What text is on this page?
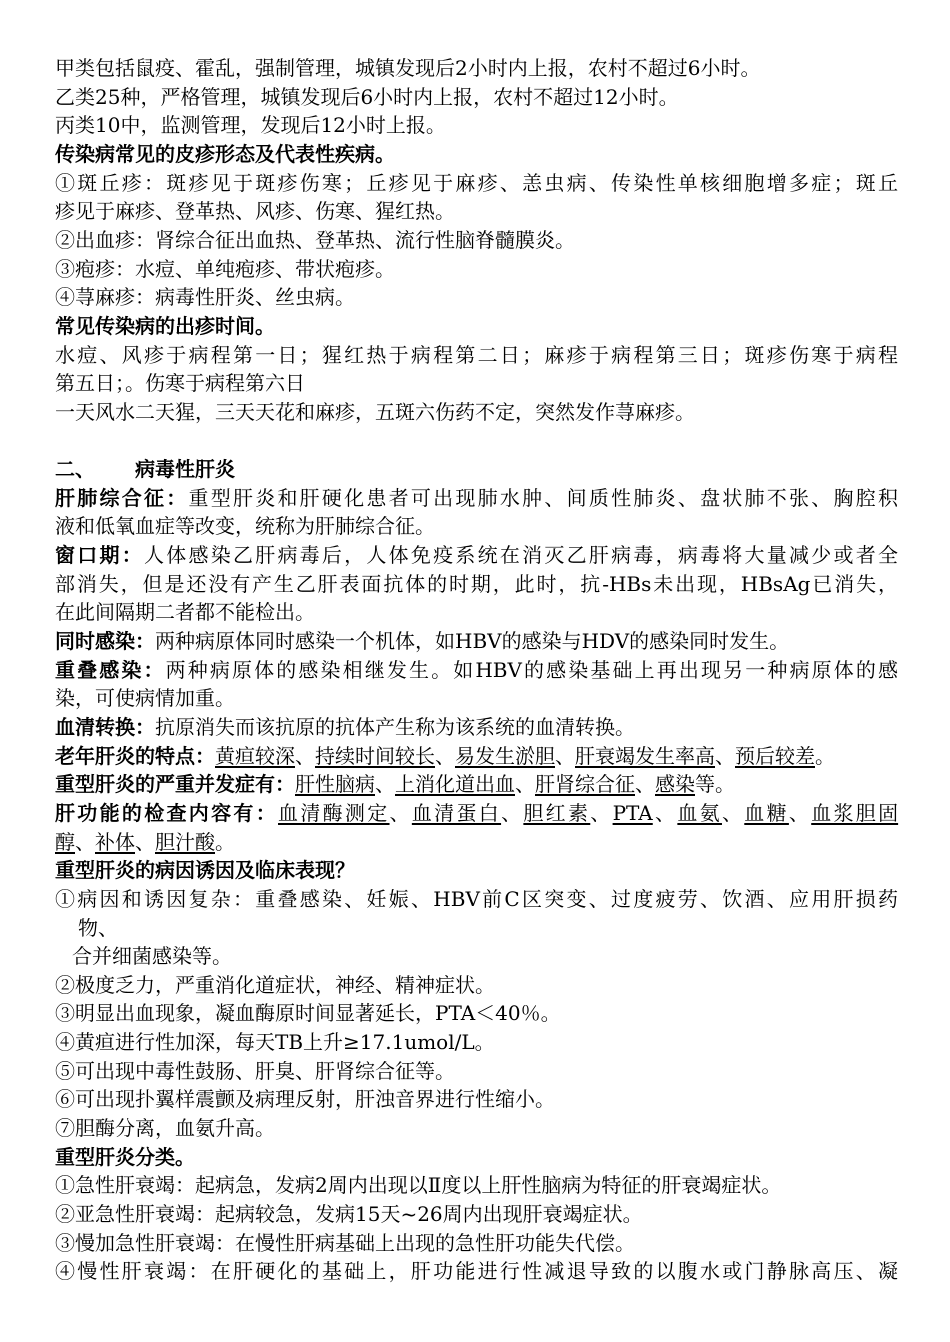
甲类包括鼠疫、霍乱，强制管理，城镇发现后2小时内上报，农村不超过6小时。
乙类25种，严格管理，城镇发现后6小时内上报，农村不超过12小时。
丙类10中，监测管理，发现后12小时上报。
传染病常见的皮疹形态及代表性疾病。
①斑丘疹：斑疹见于斑疹伤寒；丘疹见于麻疹、恙虫病、传染性单核细胞增多症；斑丘
疹见于麻疹、登革热、风疹、伤寒、猩红热。
②出血疹：肾综合征出血热、登革热、流行性脑脊髓膜炎。
③疱疹：水痘、单纯疱疹、带状疱疹。
④荨麻疹：病毒性肝炎、丝虫病。
常见传染病的出疹时间。
水痘、风疹于病程第一日；猩红热于病程第二日；麻疹于病程第三日；斑疹伤寒于病程
第五日；。伤寒于病程第六日
一天风水二天猩，三天天花和麻疹，五斑六伤药不定，突然发作荨麻疹。
二、 病毒性肝炎
肝肺综合征：重型肝炎和肝硬化患者可出现肺水肿、间质性肺炎、盘状肺不张、胸腔积
液和低氧血症等改变，统称为肝肺综合征。
窗口期：人体感染乙肝病毒后，人体免疫系统在消灭乙肝病毒，病毒将大量减少或者全
部消失，但是还没有产生乙肝表面抗体的时期，此时，抗-HBs未出现，HBsAg已消失，
在此间隔期二者都不能检出。
同时感染：两种病原体同时感染一个机体，如HBV的感染与HDV的感染同时发生。
重叠感染：两种病原体的感染相继发生。如HBV的感染基础上再出现另一种病原体的感
染，可使病情加重。
血清转换：抗原消失而该抗原的抗体产生称为该系统的血清转换。
老年肝炎的特点：黄疸较深、持续时间较长、易发生淤胆、肝衰竭发生率高、预后较差。
重型肝炎的严重并发症有：肝性脑病、上消化道出血、肝肾综合征、感染等。
肝功能的检查内容有：血清酶测定、血清蛋白、胆红素、PTA、血氨、血糖、血浆胆固
醇、补体、胆汁酸。
重型肝炎的病因诱因及临床表现？
①病因和诱因复杂：重叠感染、妊娠、HBV前C区突变、过度疲劳、饮酒、应用肝损药
物、
合并细菌感染等。
②极度乏力，严重消化道症状，神经、精神症状。
③明显出血现象，凝血酶原时间显著延长，PTA＜40％。
④黄疸进行性加深，每天TB上升≥17.1umol/L。
⑤可出现中毒性鼓肠、肝臭、肝肾综合征等。
⑥可出现扑翼样震颤及病理反射，肝浊音界进行性缩小。
⑦胆酶分离，血氨升高。
重型肝炎分类。
①急性肝衰竭：起病急，发病2周内出现以Ⅱ度以上肝性脑病为特征的肝衰竭症状。
②亚急性肝衰竭：起病较急，发病15天~26周内出现肝衰竭症状。
③慢加急性肝衰竭：在慢性肝病基础上出现的急性肝功能失代偿。
④慢性肝衰竭：在肝硬化的基础上，肝功能进行性减退导致的以腹水或门静脉高压、凝
